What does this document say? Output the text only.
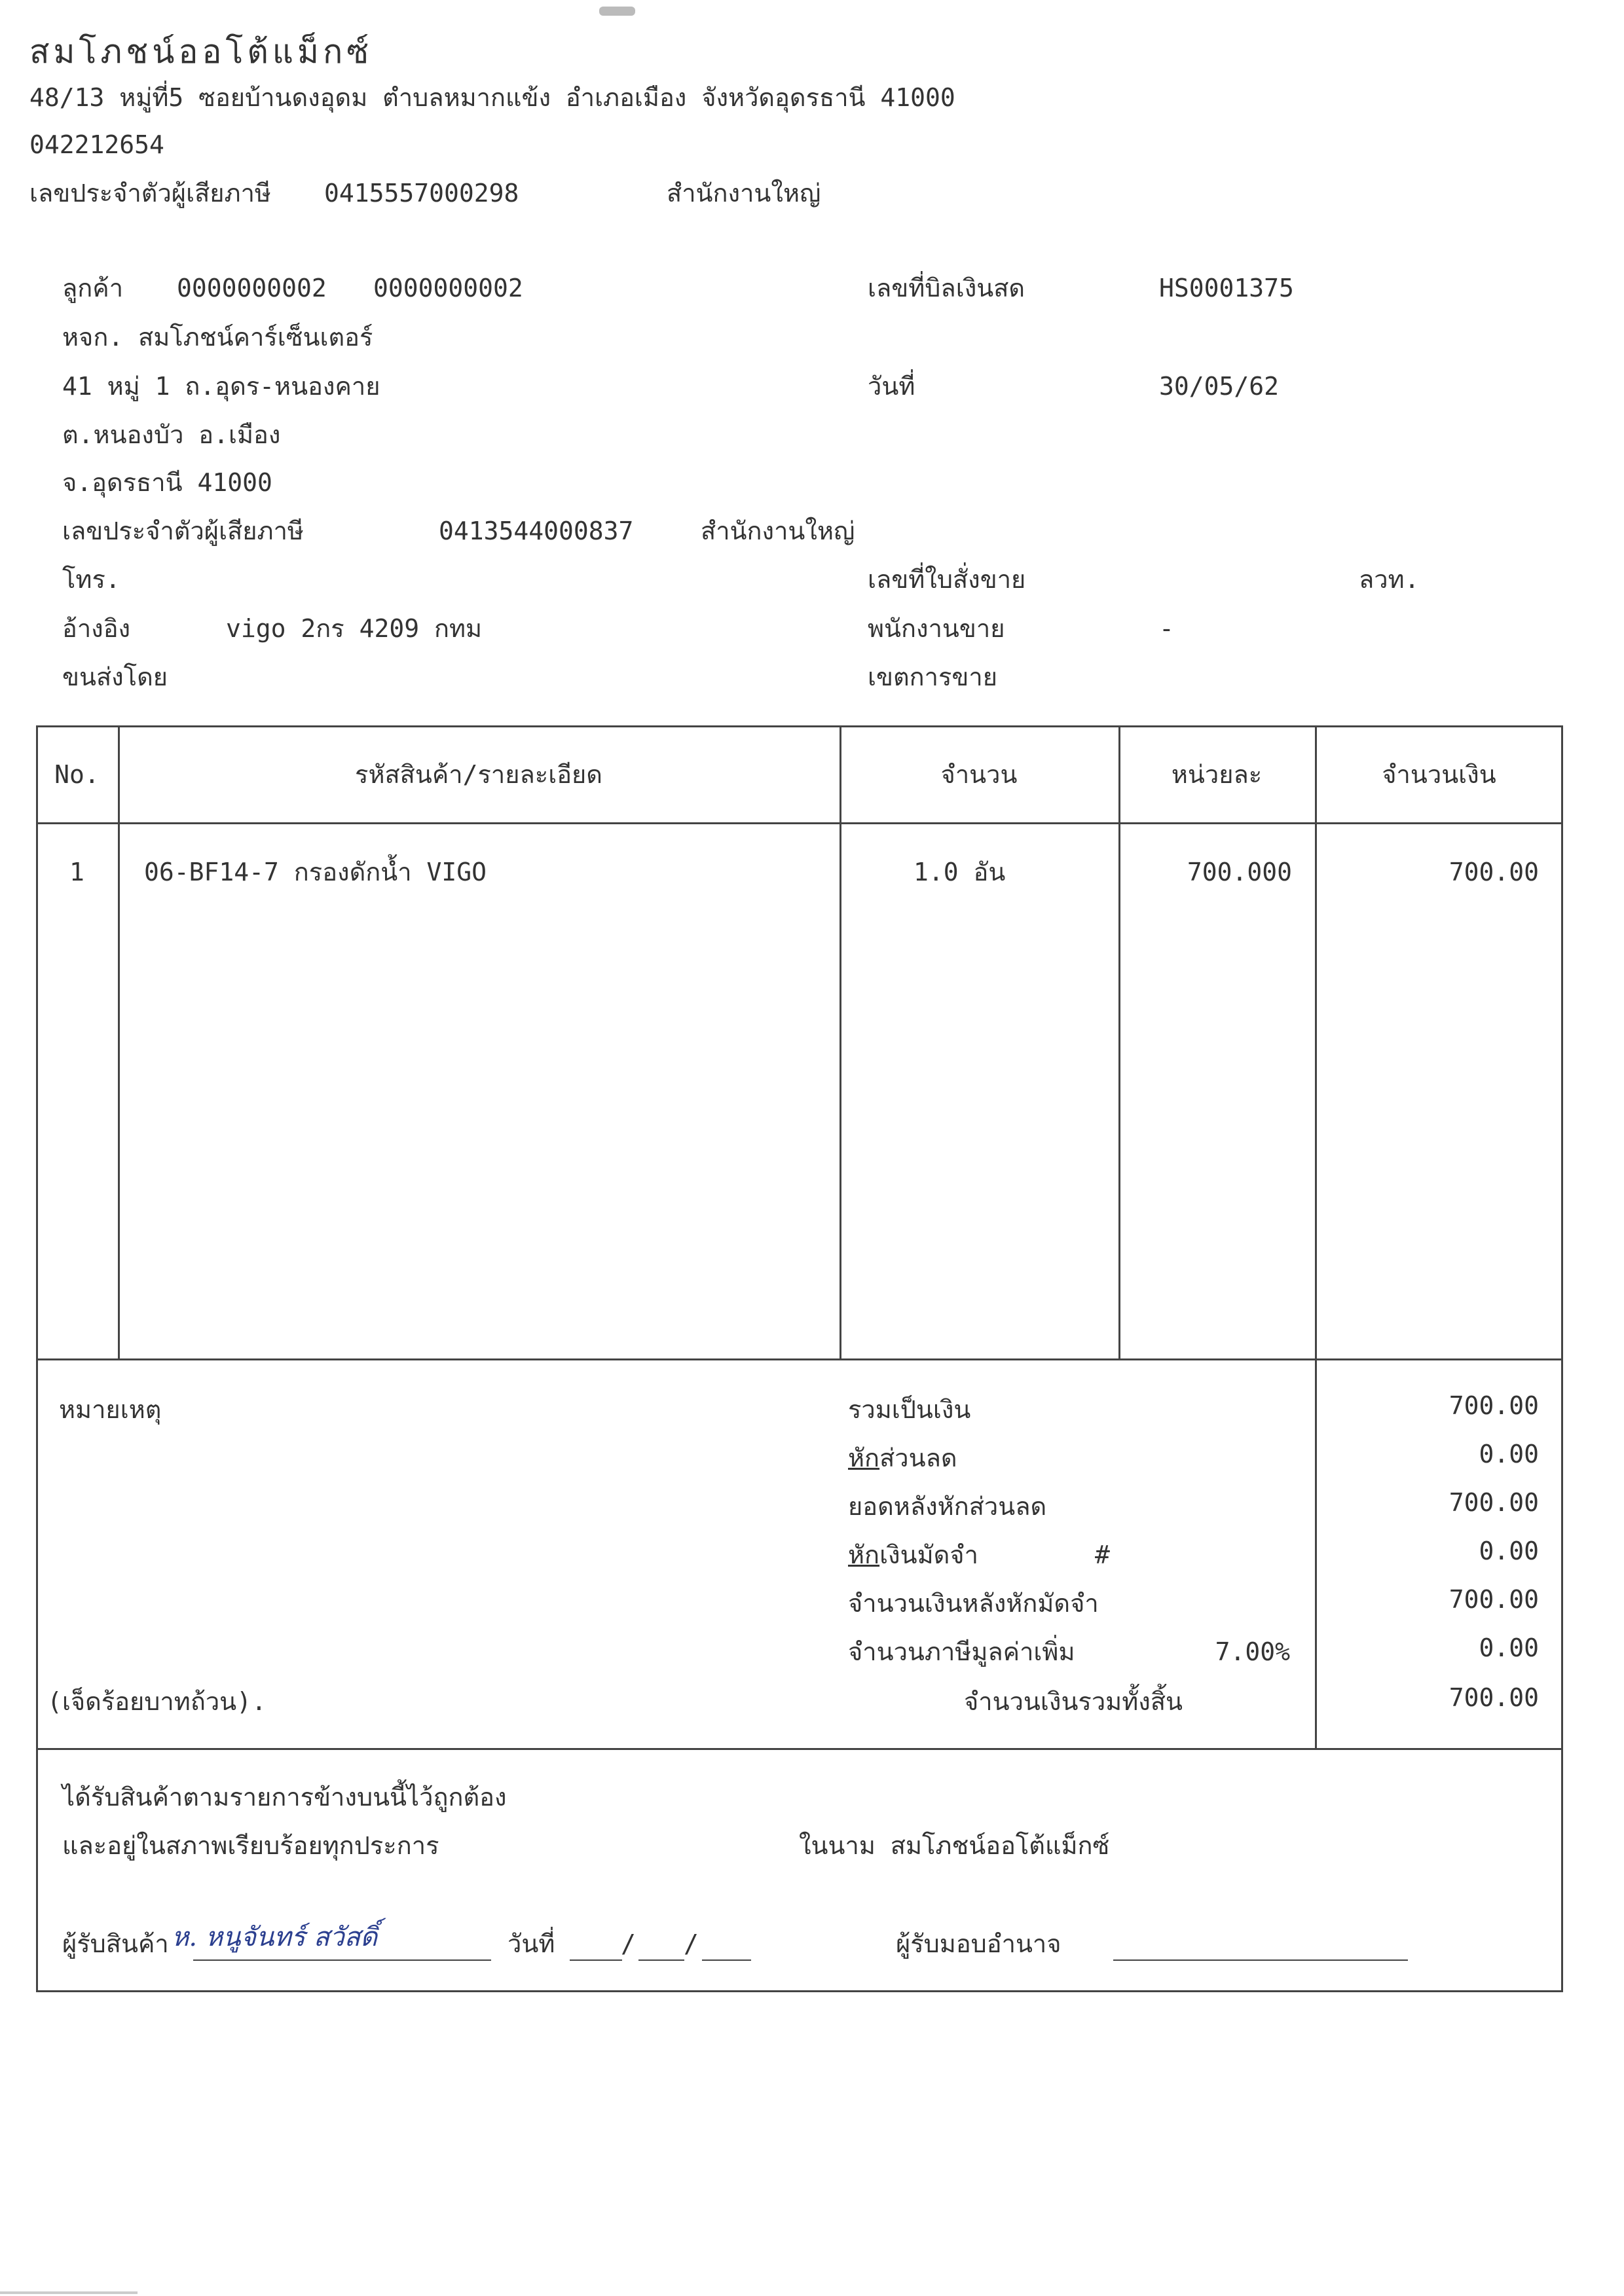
สมโภชน์ออโต้แม็กซ์
48/13 หมู่ที่5 ซอยบ้านดงอุดม ตำบลหมากแข้ง อำเภอเมือง จังหวัดอุดรธานี 41000
042212654
เลขประจำตัวผู้เสียภาษี 0415557000298	สำนักงานใหญ่
ลูกค้า 0000000002 0000000002
หจก. สมโภชน์คาร์เซ็นเตอร์
41 หมู่ 1 ถ.อุดร-หนองคาย
ต.หนองบัว อ.เมือง
จ.อุดรธานี 41000
เลขประจำตัวผู้เสียภาษี	0413544000837	สำนักงานใหญ่
โทร.
อ้างอิง	vigo 2กร 4209 กทม
ขนส่งโดย
เลขที่บิลเงินสด	HS0001375
วันที่	30/05/62
เลขที่ใบสั่งขาย	ลวท.
พนักงานขาย	-
เขตการขาย
No.	รหัสสินค้า/รายละเอียด	จำนวน	หน่วยละ	จำนวนเงิน
1	06-BF14-7 กรองดักน้ำ VIGO	1.0 อัน	700.000	700.00
หมายเหตุ
(เจ็ดร้อยบาทถ้วน).
รวมเป็นเงิน	700.00
หักส่วนลด	0.00
ยอดหลังหักส่วนลด	700.00
หักเงินมัดจำ	#	0.00
จำนวนเงินหลังหักมัดจำ	700.00
จำนวนภาษีมูลค่าเพิ่ม	7.00%	0.00
จำนวนเงินรวมทั้งสิ้น	700.00
ได้รับสินค้าตามรายการข้างบนนี้ไว้ถูกต้อง
และอยู่ในสภาพเรียบร้อยทุกประการ	ในนาม สมโภชน์ออโต้แม็กซ์
ผู้รับสินค้า ห. หนูจันทร์ สวัสดิ์	วันที่	/ /	ผู้รับมอบอำนาจ
